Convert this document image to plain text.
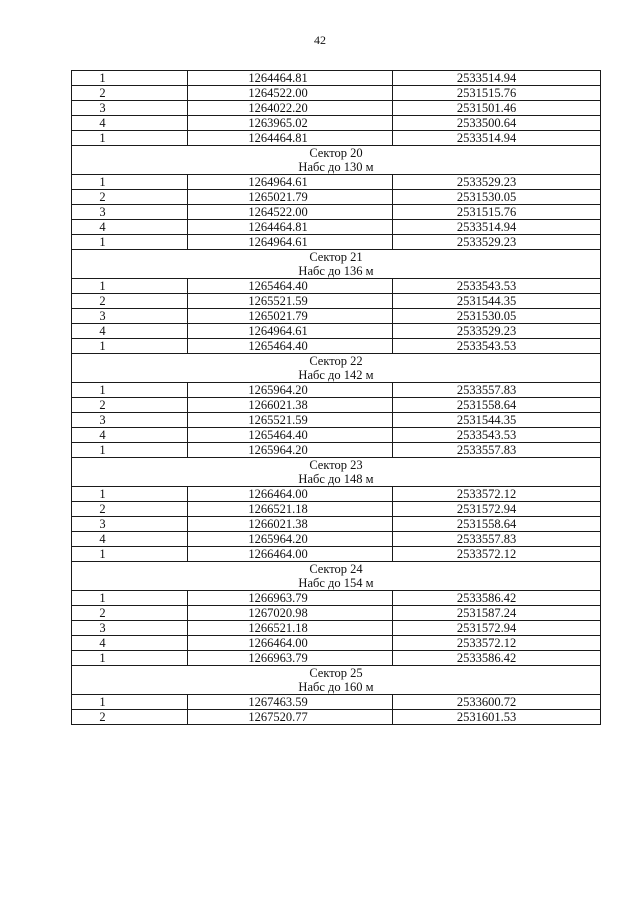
42
1	1264464.81	2533514.94
2	1264522.00	2531515.76
3	1264022.20	2531501.46
4	1263965.02	2533500.64
1	1264464.81	2533514.94
Сектор 20		
Набс до 130 м		
1	1264964.61	2533529.23
2	1265021.79	2531530.05
3	1264522.00	2531515.76
4	1264464.81	2533514.94
1	1264964.61	2533529.23
Сектор 21		
Набс до 136 м		
1	1265464.40	2533543.53
2	1265521.59	2531544.35
3	1265021.79	2531530.05
4	1264964.61	2533529.23
1	1265464.40	2533543.53
Сектор 22		
Набс до 142 м		
1	1265964.20	2533557.83
2	1266021.38	2531558.64
3	1265521.59	2531544.35
4	1265464.40	2533543.53
1	1265964.20	2533557.83
Сектор 23		
Набс до 148 м		
1	1266464.00	2533572.12
2	1266521.18	2531572.94
3	1266021.38	2531558.64
4	1265964.20	2533557.83
1	1266464.00	2533572.12
Сектор 24		
Набс до 154 м		
1	1266963.79	2533586.42
2	1267020.98	2531587.24
3	1266521.18	2531572.94
4	1266464.00	2533572.12
1	1266963.79	2533586.42
Сектор 25		
Набс до 160 м		
1	1267463.59	2533600.72
2	1267520.77	2531601.53
